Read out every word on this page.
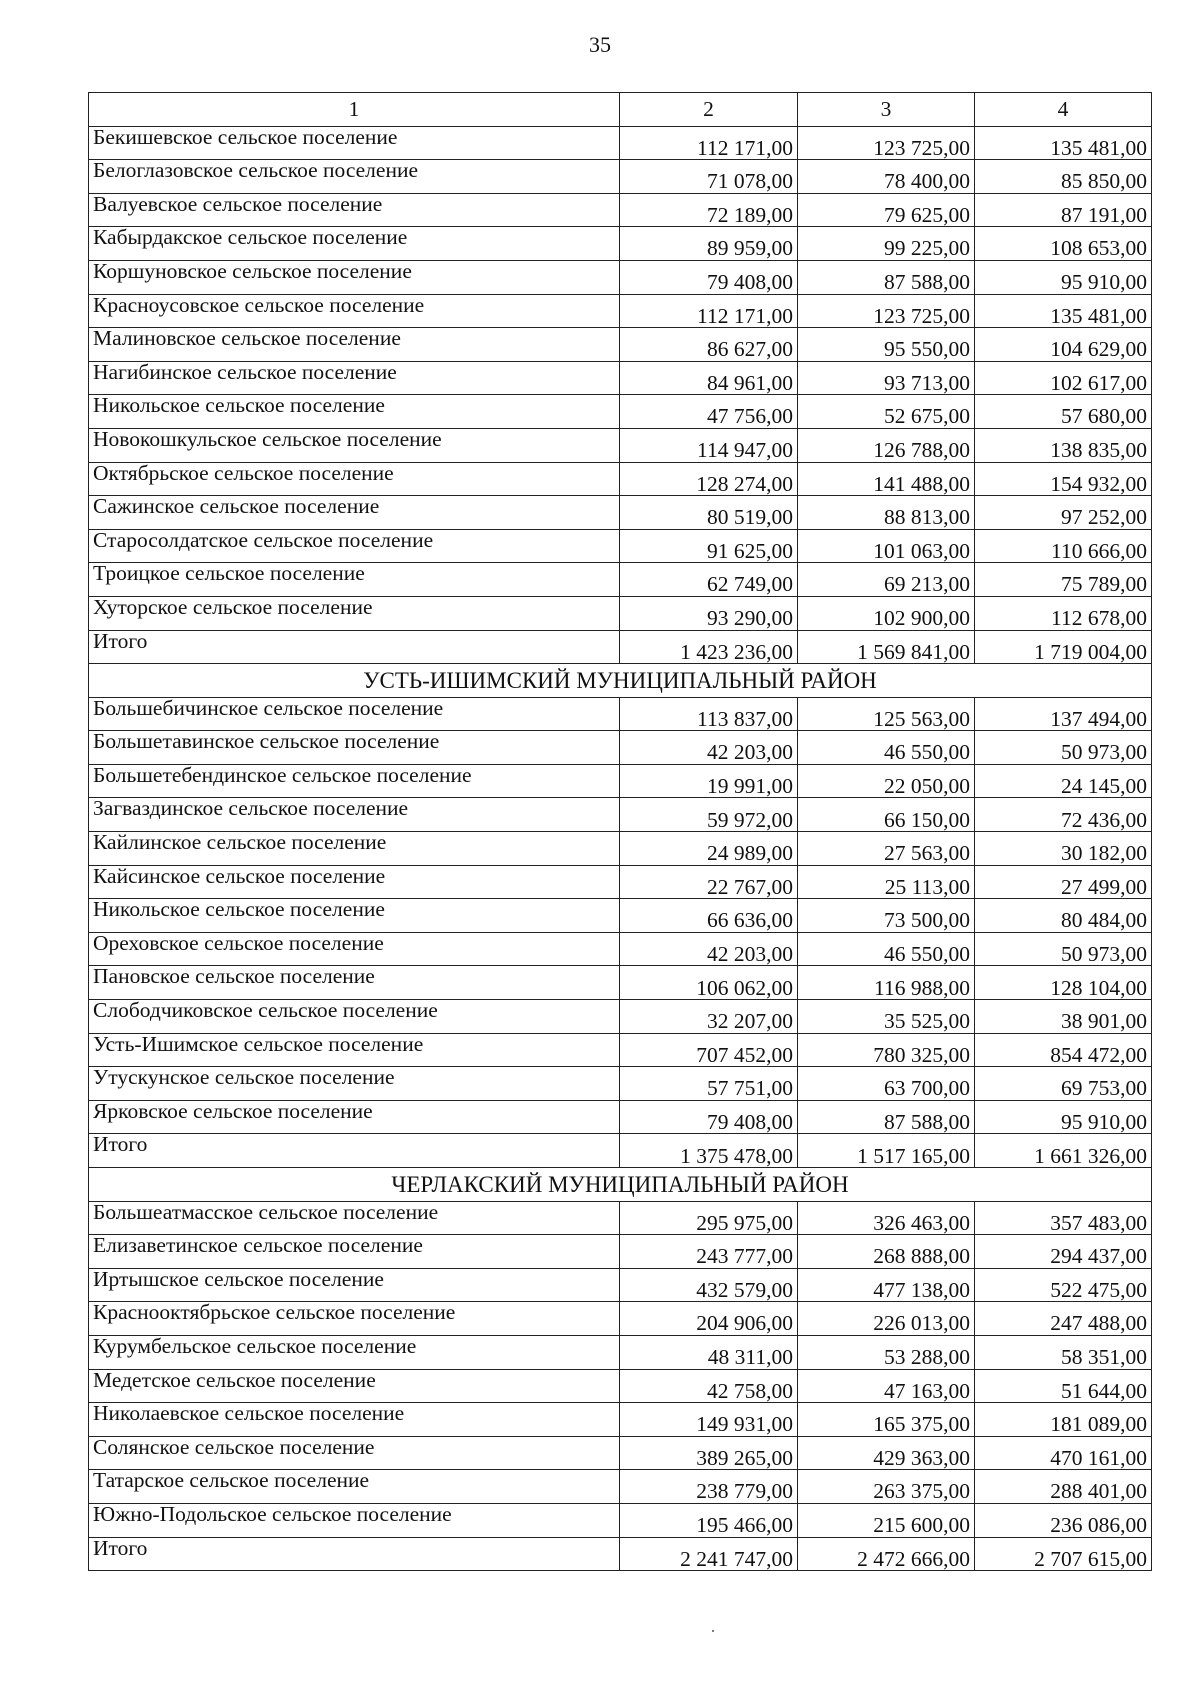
35
1	2	3	4
Бекишевское сельское поселение	112 171,00	123 725,00	135 481,00
Белоглазовское сельское поселение	71 078,00	78 400,00	85 850,00
Валуевское сельское поселение	72 189,00	79 625,00	87 191,00
Кабырдакское сельское поселение	89 959,00	99 225,00	108 653,00
Коршуновское сельское поселение	79 408,00	87 588,00	95 910,00
Красноусовское сельское поселение	112 171,00	123 725,00	135 481,00
Малиновское сельское поселение	86 627,00	95 550,00	104 629,00
Нагибинское сельское поселение	84 961,00	93 713,00	102 617,00
Никольское сельское поселение	47 756,00	52 675,00	57 680,00
Новокошкульское сельское поселение	114 947,00	126 788,00	138 835,00
Октябрьское сельское поселение	128 274,00	141 488,00	154 932,00
Сажинское сельское поселение	80 519,00	88 813,00	97 252,00
Старосолдатское сельское поселение	91 625,00	101 063,00	110 666,00
Троицкое сельское поселение	62 749,00	69 213,00	75 789,00
Хуторское сельское поселение	93 290,00	102 900,00	112 678,00
Итого	1 423 236,00	1 569 841,00	1 719 004,00
УСТЬ-ИШИМСКИЙ МУНИЦИПАЛЬНЫЙ РАЙОН			
Большебичинское сельское поселение	113 837,00	125 563,00	137 494,00
Большетавинское сельское поселение	42 203,00	46 550,00	50 973,00
Большетебендинское сельское поселение	19 991,00	22 050,00	24 145,00
Загваздинское сельское поселение	59 972,00	66 150,00	72 436,00
Кайлинское сельское поселение	24 989,00	27 563,00	30 182,00
Кайсинское сельское поселение	22 767,00	25 113,00	27 499,00
Никольское сельское поселение	66 636,00	73 500,00	80 484,00
Ореховское сельское поселение	42 203,00	46 550,00	50 973,00
Пановское сельское поселение	106 062,00	116 988,00	128 104,00
Слободчиковское сельское поселение	32 207,00	35 525,00	38 901,00
Усть-Ишимское сельское поселение	707 452,00	780 325,00	854 472,00
Утускунское сельское поселение	57 751,00	63 700,00	69 753,00
Ярковское сельское поселение	79 408,00	87 588,00	95 910,00
Итого	1 375 478,00	1 517 165,00	1 661 326,00
ЧЕРЛАКСКИЙ МУНИЦИПАЛЬНЫЙ РАЙОН			
Большеатмасское сельское поселение	295 975,00	326 463,00	357 483,00
Елизаветинское сельское поселение	243 777,00	268 888,00	294 437,00
Иртышское сельское поселение	432 579,00	477 138,00	522 475,00
Краснооктябрьское сельское поселение	204 906,00	226 013,00	247 488,00
Курумбельское сельское поселение	48 311,00	53 288,00	58 351,00
Медетское сельское поселение	42 758,00	47 163,00	51 644,00
Николаевское сельское поселение	149 931,00	165 375,00	181 089,00
Солянское сельское поселение	389 265,00	429 363,00	470 161,00
Татарское сельское поселение	238 779,00	263 375,00	288 401,00
Южно-Подольское сельское поселение	195 466,00	215 600,00	236 086,00
Итого	2 241 747,00	2 472 666,00	2 707 615,00
